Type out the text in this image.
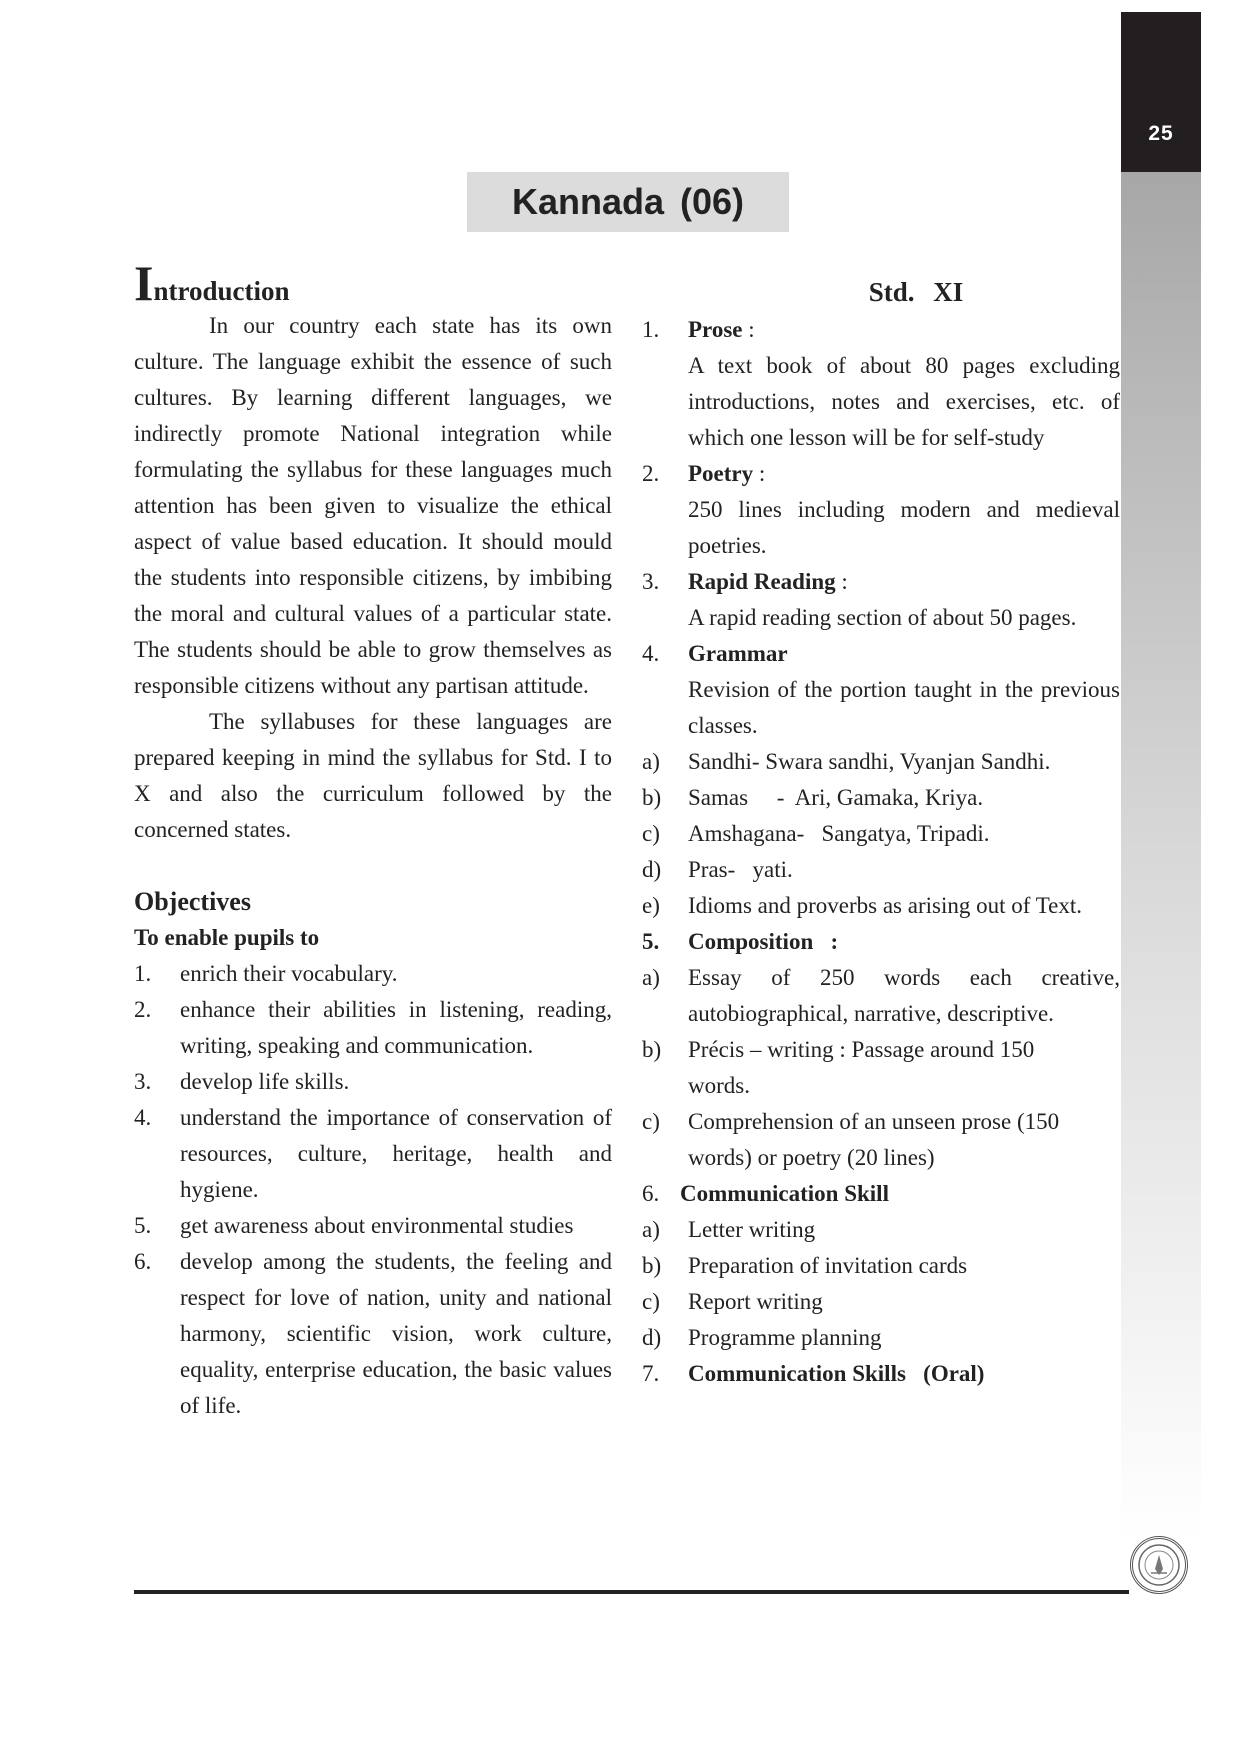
25
Kannada (06)
Introduction

In our country each state has its own culture. The language exhibit the essence of such cultures. By learning different languages, we indirectly promote National integration while formulating the syllabus for these languages much attention has been given to visualize the ethical aspect of value based education. It should mould the students into responsible citizens, by imbibing the moral and cultural values of a particular state. The students should be able to grow themselves as responsible citizens without any partisan attitude.

The syllabuses for these languages are prepared keeping in mind the syllabus for Std. I to X and also the curriculum followed by the concerned states.

Objectives
To enable pupils to
1.	enrich their vocabulary.
2.	enhance their abilities in listening, reading, writing, speaking and communication.
3.	develop life skills.
4.	understand the importance of conservation of resources, culture, heritage, health and hygiene.
5.	get awareness about environmental studies
6.	develop among the students, the feeling and respect for love of nation, unity and national harmony, scientific vision, work culture, equality, enterprise education, the basic values of life.
Std. XI
1.	Prose :
A text book of about 80 pages excluding introductions, notes and exercises, etc. of which one lesson will be for self-study
2.	Poetry :
250 lines including modern and medieval poetries.
3.	Rapid Reading :
A rapid reading section of about 50 pages.
4.	Grammar
Revision of the portion taught in the previous classes.
a)	Sandhi- Swara sandhi, Vyanjan Sandhi.
b)	Samas     -  Ari, Gamaka, Kriya.
c)	Amshagana-   Sangatya, Tripadi.
d)	Pras-   yati.
e)	Idioms and proverbs as arising out of Text.
5.	Composition   :
a)	Essay of 250 words each creative, autobiographical, narrative, descriptive.
b)	Précis – writing : Passage around 150 words.
c)	Comprehension of an unseen prose (150 words) or poetry (20 lines)
6. Communication Skill
a)	Letter writing
b)	Preparation of invitation cards
c)	Report writing
d)	Programme planning
7.	Communication Skills   (Oral)
